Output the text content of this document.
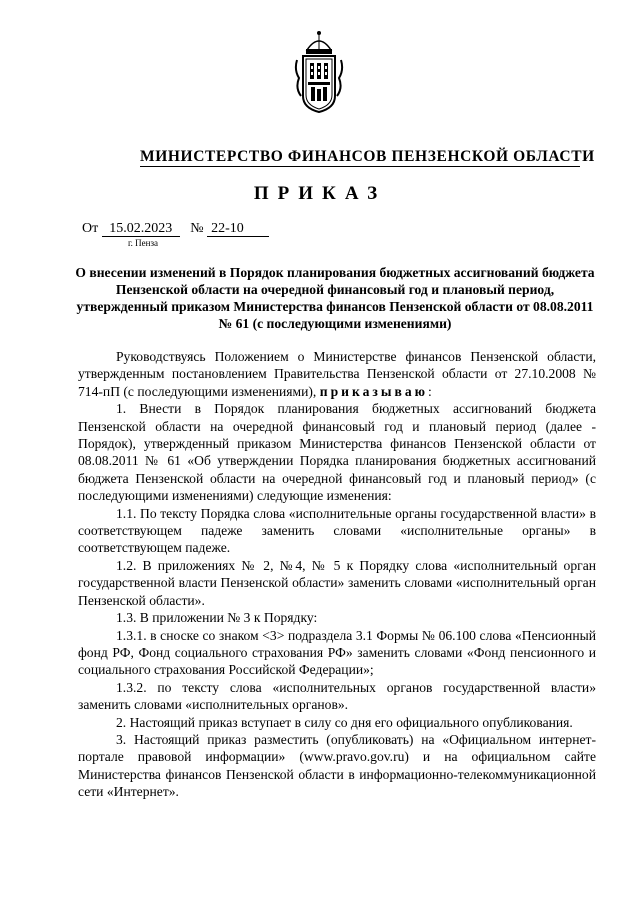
МИНИСТЕРСТВО ФИНАНСОВ ПЕНЗЕНСКОЙ ОБЛАСТИ
ПРИКАЗ
От 15.02.2023 № 22-10
г. Пенза
О внесении изменений в Порядок планирования бюджетных ассигнований бюджета Пензенской области на очередной финансовый год и плановый период, утвержденный приказом Министерства финансов Пензенской области от 08.08.2011 № 61 (с последующими изменениями)

Руководствуясь Положением о Министерстве финансов Пензенской области, утвержденным постановлением Правительства Пензенской области от 27.10.2008 № 714-пП (с последующими изменениями), приказываю:

1. Внести в Порядок планирования бюджетных ассигнований бюджета Пензенской области на очередной финансовый год и плановый период (далее - Порядок), утвержденный приказом Министерства финансов Пензенской области от 08.08.2011 № 61 «Об утверждении Порядка планирования бюджетных ассигнований бюджета Пензенской области на очередной финансовый год и плановый период» (с последующими изменениями) следующие изменения:

1.1. По тексту Порядка слова «исполнительные органы государственной власти» в соответствующем падеже заменить словами «исполнительные органы» в соответствующем падеже.

1.2. В приложениях № 2, №4, № 5 к Порядку слова «исполнительный орган государственной власти Пензенской области» заменить словами «исполнительный орган Пензенской области».

1.3. В приложении № 3 к Порядку:

1.3.1. в сноске со знаком <3> подраздела 3.1 Формы № 06.100 слова «Пенсионный фонд РФ, Фонд социального страхования РФ» заменить словами «Фонд пенсионного и социального страхования Российской Федерации»;

1.3.2. по тексту слова «исполнительных органов государственной власти» заменить словами «исполнительных органов».

2. Настоящий приказ вступает в силу со дня его официального опубликования.

3. Настоящий приказ разместить (опубликовать) на «Официальном интернет-портале правовой информации» (www.pravo.gov.ru) и на официальном сайте Министерства финансов Пензенской области в информационно-телекоммуникационной сети «Интернет».
